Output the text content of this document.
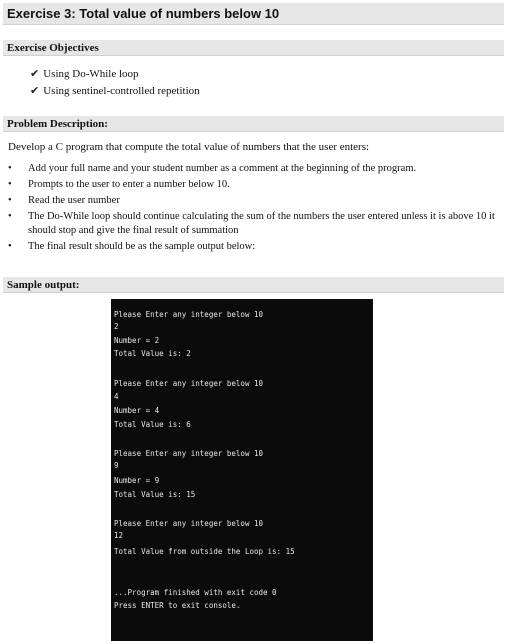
Exercise 3: Total value of numbers below 10
Exercise Objectives
✔ Using Do-While loop
✔ Using sentinel-controlled repetition
Problem Description:
Develop a C program that compute the total value of numbers that the user enters:
• Add your full name and your student number as a comment at the beginning of the program.
• Prompts to the user to enter a number below 10.
• Read the user number
• The Do-While loop should continue calculating the sum of the numbers the user entered unless it is above 10 it should stop and give the final result of summation
• The final result should be as the sample output below:
Sample output:
Please Enter any integer below 10
2
Number = 2
Total Value is: 2
Please Enter any integer below 10
4
Number = 4
Total Value is: 6
Please Enter any integer below 10
9
Number = 9
Total Value is: 15
Please Enter any integer below 10
12
Total Value from outside the Loop is: 15
...Program finished with exit code 0
Press ENTER to exit console.
